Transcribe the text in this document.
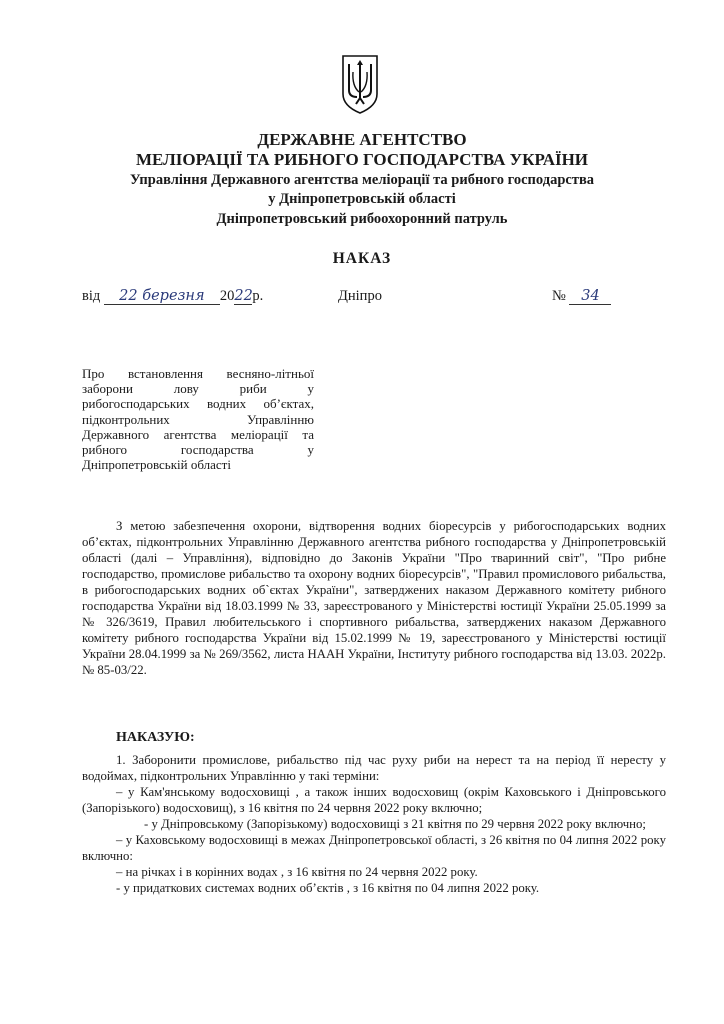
ДЕРЖАВНЕ АГЕНТСТВО
МЕЛІОРАЦІЇ ТА РИБНОГО ГОСПОДАРСТВА УКРАЇНИ
Управління Державного агентства меліорації та рибного господарства
у Дніпропетровській області
Дніпропетровський рибоохоронний патруль
НАКАЗ
від 22 березня 2022р.	Дніпро	№ 34
Про встановлення весняно-літньої
заборони лову риби у
рибогосподарських водних об’єктах,
підконтрольних Управлінню
Державного агентства меліорації та
рибного господарства у
Дніпропетровській області

З метою забезпечення охорони, відтворення водних біоресурсів у рибогосподарських водних об’єктах, підконтрольних Управлінню Державного агентства рибного господарства у Дніпропетровській області (далі – Управління), відповідно до Законів України "Про тваринний світ", "Про рибне господарство, промислове рибальство та охорону водних біоресурсів", "Правил промислового рибальства, в рибогосподарських водних об`єктах України", затверджених наказом Державного комітету рибного господарства України від 18.03.1999 № 33, зареєстрованого у Міністерстві юстиції України 25.05.1999 за № 326/3619, Правил любительського і спортивного рибальства, затверджених наказом Державного комітету рибного господарства України від 15.02.1999 № 19, зареєстрованого у Міністерстві юстиції України 28.04.1999 за № 269/3562, листа НААН України, Інституту рибного господарства від 13.03. 2022р. № 85-03/22.

НАКАЗУЮ:

1. Заборонити промислове, рибальство під час руху риби на нерест та на період її нересту у водоймах, підконтрольних Управлінню у такі терміни:

– у Кам'янському водосховищі , а також інших водосховищ (окрім Каховського і Дніпровського (Запорізького) водосховищ), з 16 квітня по 24 червня 2022 року включно;

- у Дніпровському (Запорізькому) водосховищі з 21 квітня по 29 червня 2022 року включно;

– у Каховському водосховищі в межах Дніпропетровської області, з 26 квітня по 04 липня 2022 року включно:

– на річках і в корінних водах , з 16 квітня по 24 червня 2022 року.

- у придаткових системах водних об’єктів , з 16 квітня по 04 липня 2022 року.
